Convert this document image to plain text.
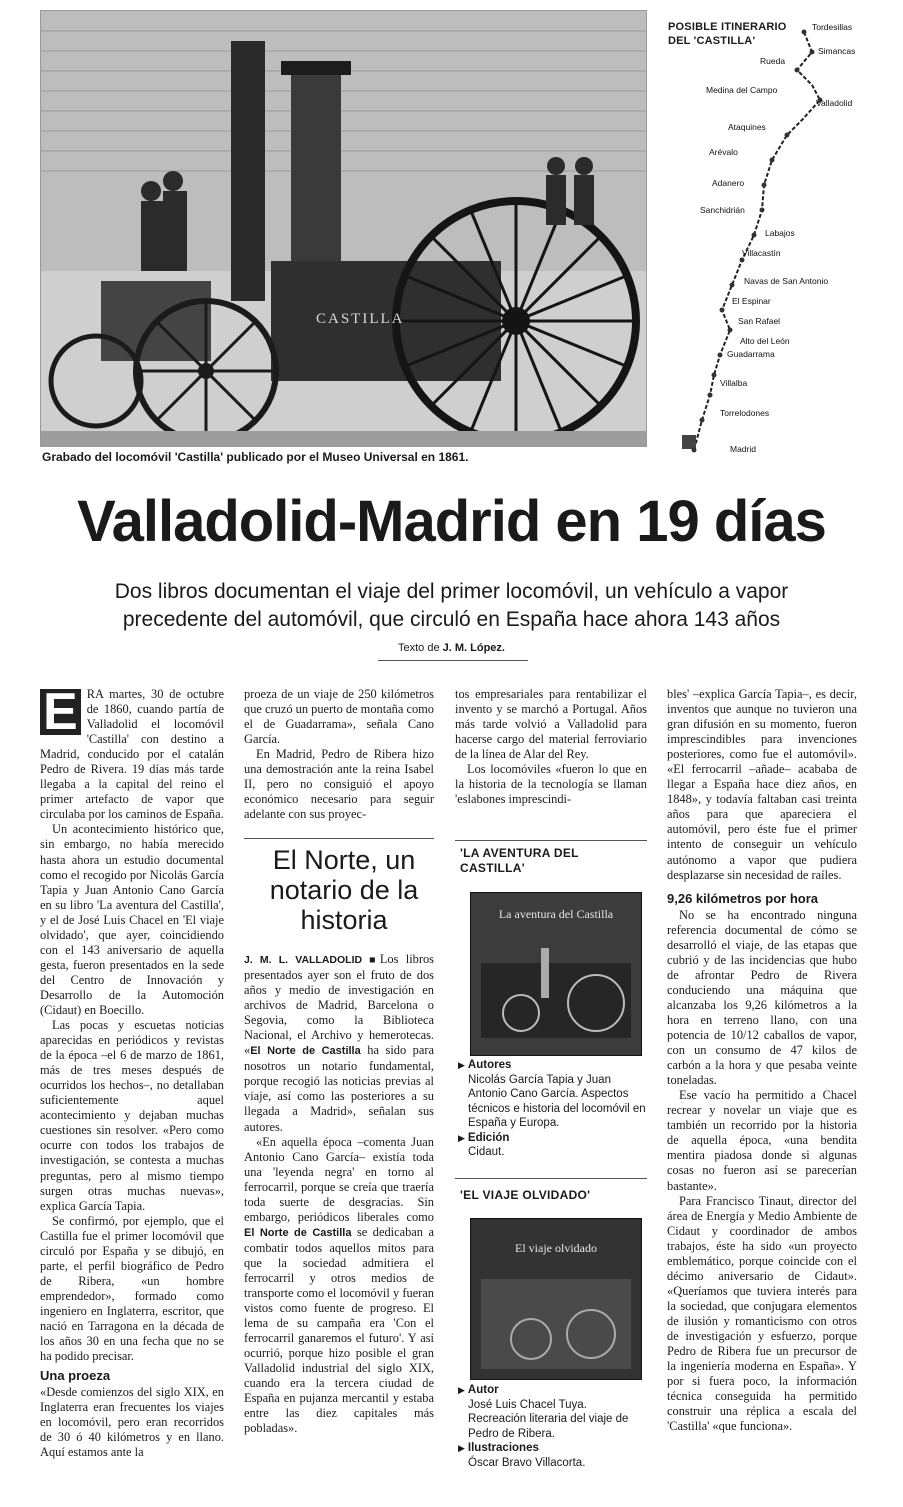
CASTILLA
Grabado del locomóvil 'Castilla' publicado por el Museo Universal en 1861.
POSIBLE ITINERARIO DEL 'CASTILLA'
Tordesillas
Simancas
Rueda
Valladolid
Medina del Campo
Ataquines
Arévalo
Adanero
Sanchidrián
Labajos
Villacastín
Navas de San Antonio
El Espinar
San Rafael
Alto del León
Guadarrama
Villalba
Torrelodones
Madrid
Valladolid-Madrid en 19 días
Dos libros documentan el viaje del primer locomóvil, un vehículo a vapor precedente del automóvil, que circuló en España hace ahora 143 años
Texto de J. M. López.
E RA martes, 30 de octubre de 1860, cuando partía de Valladolid el locomóvil 'Castilla' con destino a Madrid, conducido por el catalán Pedro de Rivera. 19 días más tarde llegaba a la capital del reino el primer artefacto de vapor que circulaba por los caminos de España.

Un acontecimiento histórico que, sin embargo, no había merecido hasta ahora un estudio documental como el recogido por Nicolás García Tapia y Juan Antonio Cano García en su libro 'La aventura del Castilla', y el de José Luis Chacel en 'El viaje olvidado', que ayer, coincidiendo con el 143 aniversario de aquella gesta, fueron presentados en la sede del Centro de Innovación y Desarrollo de la Automoción (Cidaut) en Boecillo.

Las pocas y escuetas noticias aparecidas en periódicos y revistas de la época –el 6 de marzo de 1861, más de tres meses después de ocurridos los hechos–, no detallaban suficientemente aquel acontecimiento y dejaban muchas cuestiones sin resolver. «Pero como ocurre con todos los trabajos de investigación, se contesta a muchas preguntas, pero al mismo tiempo surgen otras muchas nuevas», explica García Tapia.

Se confirmó, por ejemplo, que el Castilla fue el primer locomóvil que circuló por España y se dibujó, en parte, el perfil biográfico de Pedro de Ribera, «un hombre emprendedor», formado como ingeniero en Inglaterra, escritor, que nació en Tarragona en la década de los años 30 en una fecha que no se ha podido precisar.

Una proeza

«Desde comienzos del siglo XIX, en Inglaterra eran frecuentes los viajes en locomóvil, pero eran recorridos de 30 ó 40 kilómetros y en llano. Aquí estamos ante la

proeza de un viaje de 250 kilómetros que cruzó un puerto de montaña como el de Guadarrama», señala Cano García.

En Madrid, Pedro de Ribera hizo una demostración ante la reina Isabel II, pero no consiguió el apoyo económico necesario para seguir adelante con sus proyec-

El Norte, un notario de la historia

J. M. L. VALLADOLID ■Los libros presentados ayer son el fruto de dos años y medio de investigación en archivos de Madrid, Barcelona o Segovia, como la Biblioteca Nacional, el Archivo y hemerotecas. «El Norte de Castilla ha sido para nosotros un notario fundamental, porque recogió las noticias previas al viaje, así como las posteriores a su llegada a Madrid», señalan sus autores.

«En aquella época –comenta Juan Antonio Cano García– existía toda una 'leyenda negra' en torno al ferrocarril, porque se creía que traería toda suerte de desgracias. Sin embargo, periódicos liberales como El Norte de Castilla se dedicaban a combatir todos aquellos mitos para que la sociedad admitiera el ferrocarril y otros medios de transporte como el locomóvil y fueran vistos como fuente de progreso. El lema de su campaña era 'Con el ferrocarril ganaremos el futuro'. Y así ocurrió, porque hizo posible el gran Valladolid industrial del siglo XIX, cuando era la tercera ciudad de España en pujanza mercantil y estaba entre las diez capitales más pobladas».

tos empresariales para rentabilizar el invento y se marchó a Portugal. Años más tarde volvió a Valladolid para hacerse cargo del material ferroviario de la línea de Alar del Rey.

Los locomóviles «fueron lo que en la historia de la tecnología se llaman 'eslabones imprescindi-

'LA AVENTURA DEL CASTILLA'
La aventura del Castilla
▶ Autores
Nicolás García Tapia y Juan Antonio Cano García. Aspectos técnicos e historia del locomóvil en España y Europa.
▶ Edición
Cidaut.
'EL VIAJE OLVIDADO'
El viaje olvidado
▶ Autor
José Luis Chacel Tuya. Recreación literaria del viaje de Pedro de Ribera.
▶ Ilustraciones
Óscar Bravo Villacorta.

bles' –explica García Tapia–, es decir, inventos que aunque no tuvieron una gran difusión en su momento, fueron imprescindibles para invenciones posteriores, como fue el automóvil». «El ferrocarril –añade– acababa de llegar a España hace diez años, en 1848», y todavía faltaban casi treinta años para que apareciera el automóvil, pero éste fue el primer intento de conseguir un vehículo autónomo a vapor que pudiera desplazarse sin necesidad de raíles.

9,26 kilómetros por hora

No se ha encontrado ninguna referencia documental de cómo se desarrolló el viaje, de las etapas que cubrió y de las incidencias que hubo de afrontar Pedro de Rivera conduciendo una máquina que alcanzaba los 9,26 kilómetros a la hora en terreno llano, con una potencia de 10/12 caballos de vapor, con un consumo de 47 kilos de carbón a la hora y que pesaba veinte toneladas.

Ese vacío ha permitido a Chacel recrear y novelar un viaje que es también un recorrido por la historia de aquella época, «una bendita mentira piadosa donde si algunas cosas no fueron así se parecerían bastante».

Para Francisco Tinaut, director del área de Energía y Medio Ambiente de Cidaut y coordinador de ambos trabajos, éste ha sido «un proyecto emblemático, porque coincide con el décimo aniversario de Cidaut». «Queríamos que tuviera interés para la sociedad, que conjugara elementos de ilusión y romanticismo con otros de investigación y esfuerzo, porque Pedro de Ribera fue un precursor de la ingeniería moderna en España». Y por si fuera poco, la información técnica conseguida ha permitido construir una réplica a escala del 'Castilla' «que funciona».
